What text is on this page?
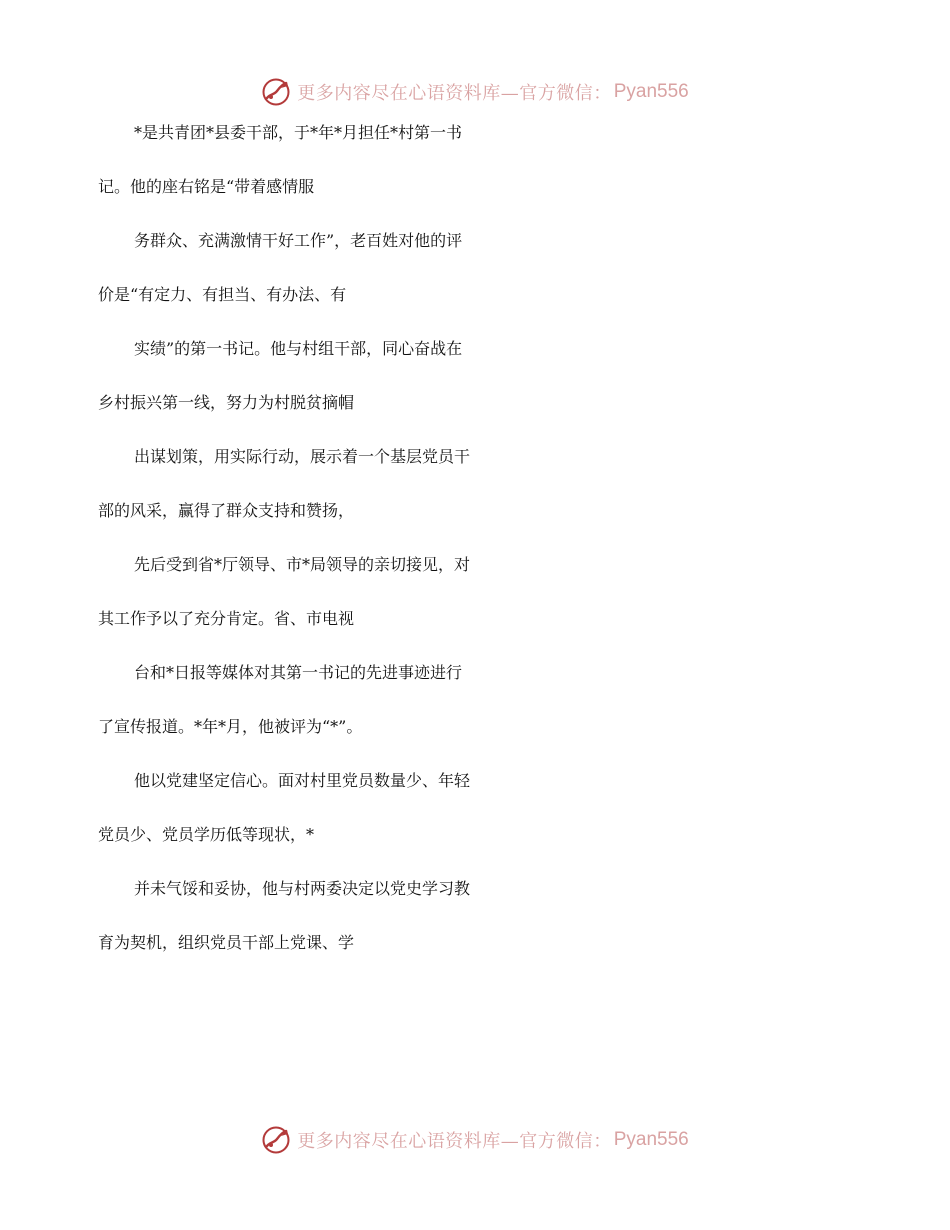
更多内容尽在心语资料库—官方微信： Pyan556
*是共青团*县委干部，于*年*月担任*村第一书
记。他的座右铭是“带着感情服
务群众、充满激情干好工作”，老百姓对他的评
价是“有定力、有担当、有办法、有
实绩”的第一书记。他与村组干部，同心奋战在
乡村振兴第一线，努力为村脱贫摘帽
出谋划策，用实际行动，展示着一个基层党员干
部的风采，赢得了群众支持和赞扬，
先后受到省*厅领导、市*局领导的亲切接见，对
其工作予以了充分肯定。省、市电视
台和*日报等媒体对其第一书记的先进事迹进行
了宣传报道。*年*月，他被评为“*”。
他以党建坚定信心。面对村里党员数量少、年轻
党员少、党员学历低等现状，*
并未气馁和妥协，他与村两委决定以党史学习教
育为契机，组织党员干部上党课、学
更多内容尽在心语资料库—官方微信： Pyan556
